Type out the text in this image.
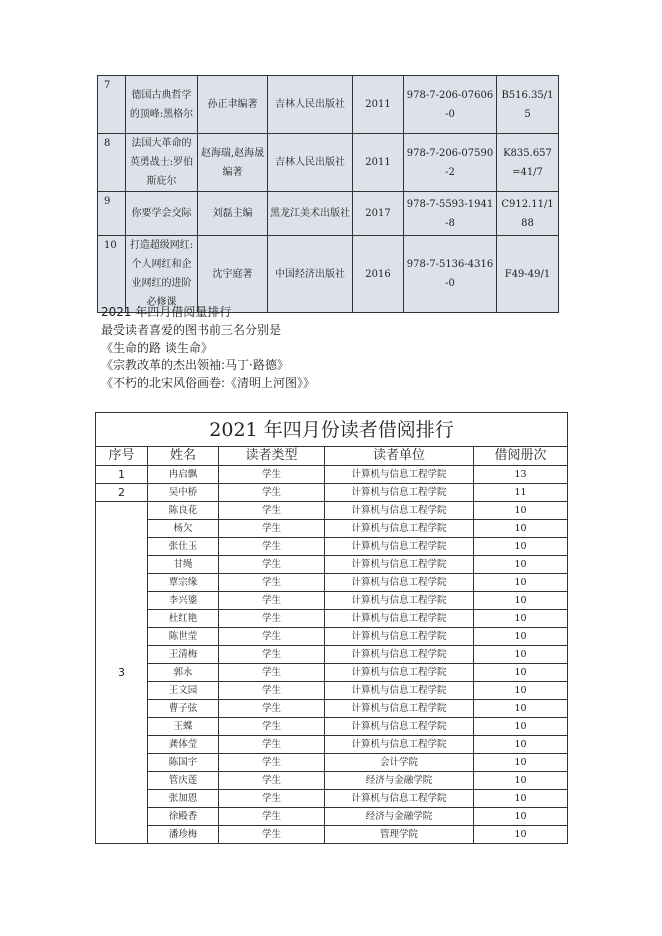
7	德国古典哲学的顶峰:黑格尔	孙正聿编著	吉林人民出版社	2011	978-7-206-07606-0	B516.35/15
8	法国大革命的英勇战士:罗伯斯庇尔	赵海瑞,赵海晟编著	吉林人民出版社	2011	978-7-206-07590-2	K835.657=41/7
9	你要学会交际	刘磊主编	黑龙江美术出版社	2017	978-7-5593-1941-8	C912.11/188
10	打造超级网红:个人网红和企业网红的进阶必修课	沈宇庭著	中国经济出版社	2016	978-7-5136-4316-0	F49-49/1
2021 年四月借阅量排行
最受读者喜爱的图书前三名分别是
《生命的路 谈生命》
《宗教改革的杰出领袖:马丁·路德》
《不朽的北宋风俗画卷:《清明上河图》》
2021 年四月份读者借阅排行				
序号	姓名	读者类型	读者单位	借阅册次
1	冉启飘	学生	计算机与信息工程学院	13
2	吴中桥	学生	计算机与信息工程学院	11
3	陈良花	学生	计算机与信息工程学院	10
	杨欠	学生	计算机与信息工程学院	10
	张仕玉	学生	计算机与信息工程学院	10
	甘绳	学生	计算机与信息工程学院	10
	覃宗缘	学生	计算机与信息工程学院	10
	李兴鎏	学生	计算机与信息工程学院	10
	杜红艳	学生	计算机与信息工程学院	10
	陈世莹	学生	计算机与信息工程学院	10
	王清梅	学生	计算机与信息工程学院	10
	郭永	学生	计算机与信息工程学院	10
	王文园	学生	计算机与信息工程学院	10
	曹子弦	学生	计算机与信息工程学院	10
	王蝶	学生	计算机与信息工程学院	10
	龚体莹	学生	计算机与信息工程学院	10
	陈国宇	学生	会计学院	10
	管庆莲	学生	经济与金融学院	10
	张加恩	学生	计算机与信息工程学院	10
	徐殿香	学生	经济与金融学院	10
	潘珍梅	学生	管理学院	10
